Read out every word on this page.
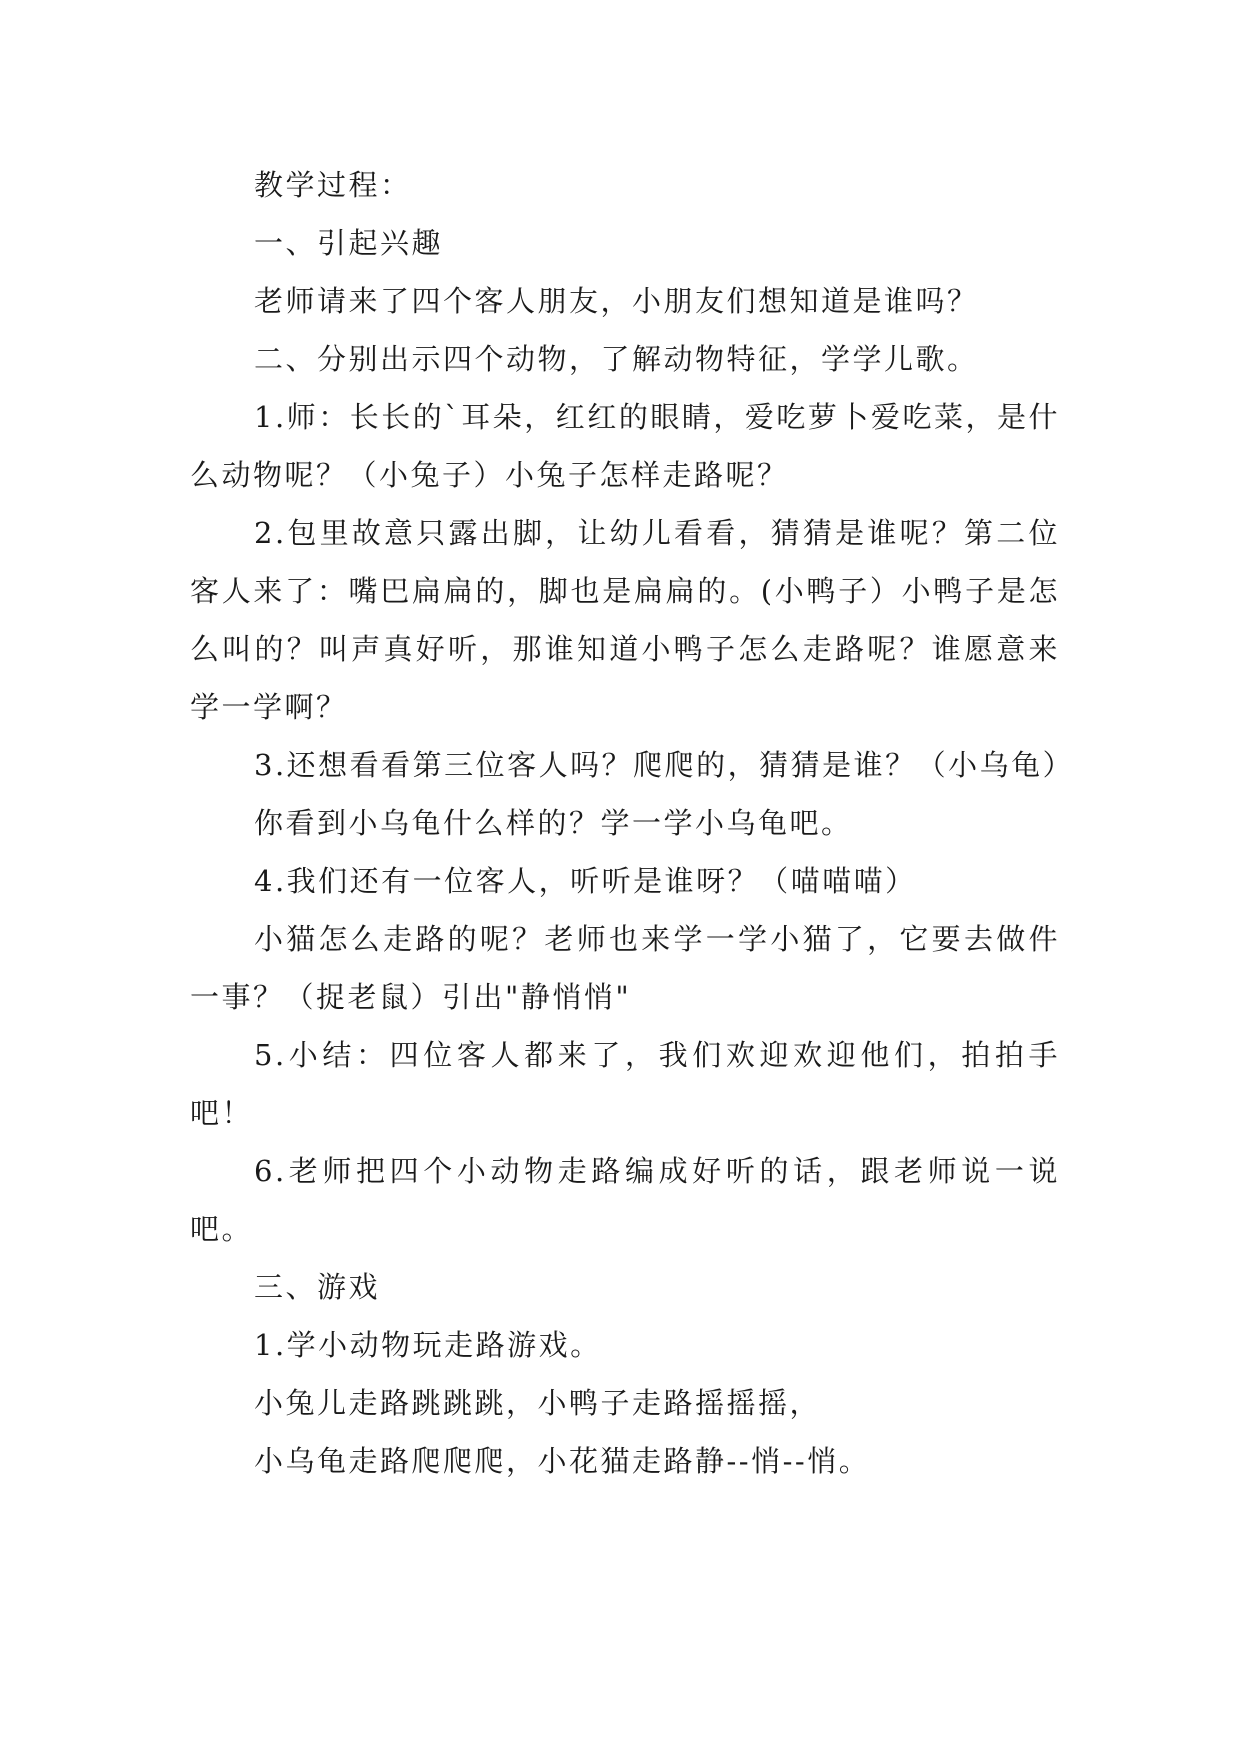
教学过程：

一、引起兴趣

老师请来了四个客人朋友，小朋友们想知道是谁吗？

二、分别出示四个动物，了解动物特征，学学儿歌。

1.师：长长的`耳朵，红红的眼睛，爱吃萝卜爱吃菜，是什么动物呢？（小兔子）小兔子怎样走路呢？

2.包里故意只露出脚，让幼儿看看，猜猜是谁呢？第二位客人来了：嘴巴扁扁的，脚也是扁扁的。(小鸭子）小鸭子是怎么叫的？叫声真好听，那谁知道小鸭子怎么走路呢？谁愿意来学一学啊？

3.还想看看第三位客人吗？爬爬的，猜猜是谁？（小乌龟）

你看到小乌龟什么样的？学一学小乌龟吧。

4.我们还有一位客人，听听是谁呀？（喵喵喵）

小猫怎么走路的呢？老师也来学一学小猫了，它要去做件一事？（捉老鼠）引出"静悄悄"

5.小结：四位客人都来了，我们欢迎欢迎他们，拍拍手吧！

6.老师把四个小动物走路编成好听的话，跟老师说一说吧。

三、游戏

1.学小动物玩走路游戏。

小兔儿走路跳跳跳，小鸭子走路摇摇摇，

小乌龟走路爬爬爬，小花猫走路静--悄--悄。
